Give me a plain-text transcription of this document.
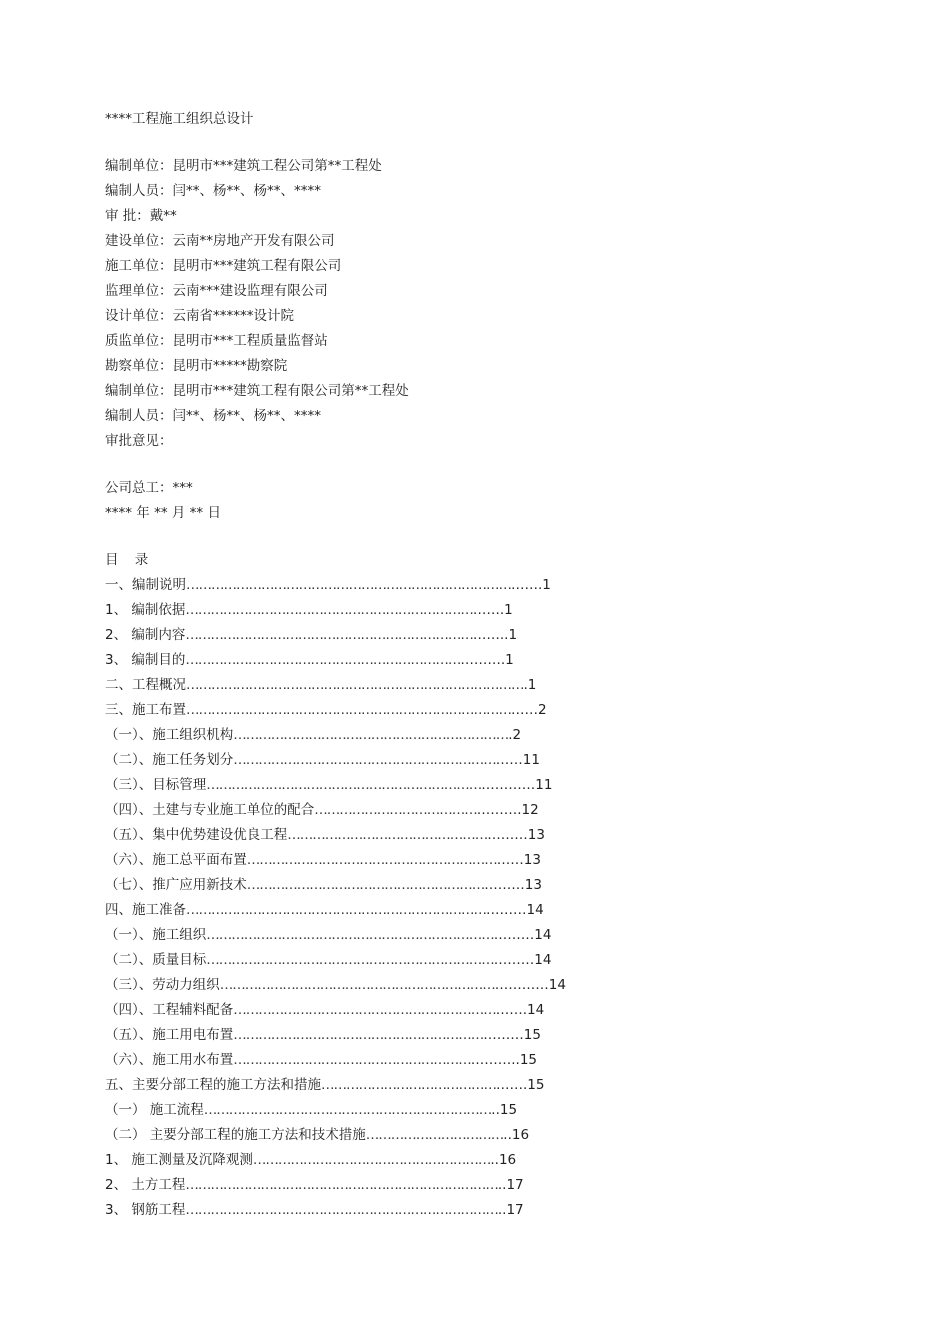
****工程施工组织总设计
编制单位：昆明市***建筑工程公司第**工程处
编制人员：闫**、杨**、杨**、****
审 批：戴**
建设单位：云南**房地产开发有限公司
施工单位：昆明市***建筑工程有限公司
监理单位：云南***建设监理有限公司
设计单位：云南省******设计院
质监单位：昆明市***工程质量监督站
勘察单位：昆明市*****勘察院
编制单位：昆明市***建筑工程有限公司第**工程处
编制人员：闫**、杨**、杨**、****
审批意见：
公司总工：***
**** 年 ** 月 ** 日
目 录
一、编制说明 …………………………………………………………………… …….1
1、 编制依据 …………………………………………………………… …….1
2、 编制内容 …………………………………………………………… ……..1
3、 编制目的 ………………………………………………………… ……….1
二、工程概况 ……………………………………………………………………… .1
三、施工布置 …………………………………………………………………… ……2
（一）、施工组织机构 ………………………………………………………… .2
（二）、施工任务划分 ……………………………………………………… ……11
（三）、目标管理 ………………………………………………………… …………11
（四）、土建与专业施工单位的配合 ………………………………… ……….12
（五）、集中优势建设优良工程 ………………………………………… ………13
（六）、施工总平面布置 …………………………………………………… ……13
（七）、推广应用新技术 ………………………………………………… ………13
四、施工准备 ……………………………………………………………… ………14
（一）、施工组织 …………………………………………………………… ………14
（二）、质量目标 …………………………………………………………… ………14
（三）、劳动力组织 ………………………………………………………… …………14
（四）、工程辅料配备 ……………………………………………………… …….14
（五）、施工用电布置 …………………………………………………… ………15
（六）、施工用水布置 ………………………………………………… ………..15
五、主要分部工程的施工方法和措施 …………………………………… …….15
（一） 施工流程 …………………………………………………………… ..15
（二） 主要分部工程的施工方法和技术措施 …………………………… ..16
1、 施工测量及沉降观测 ………………………………………………… ..16
2、 土方工程 ………………………………………………………………… ..17
3、 钢筋工程 ………………………………………………………………… ..17
